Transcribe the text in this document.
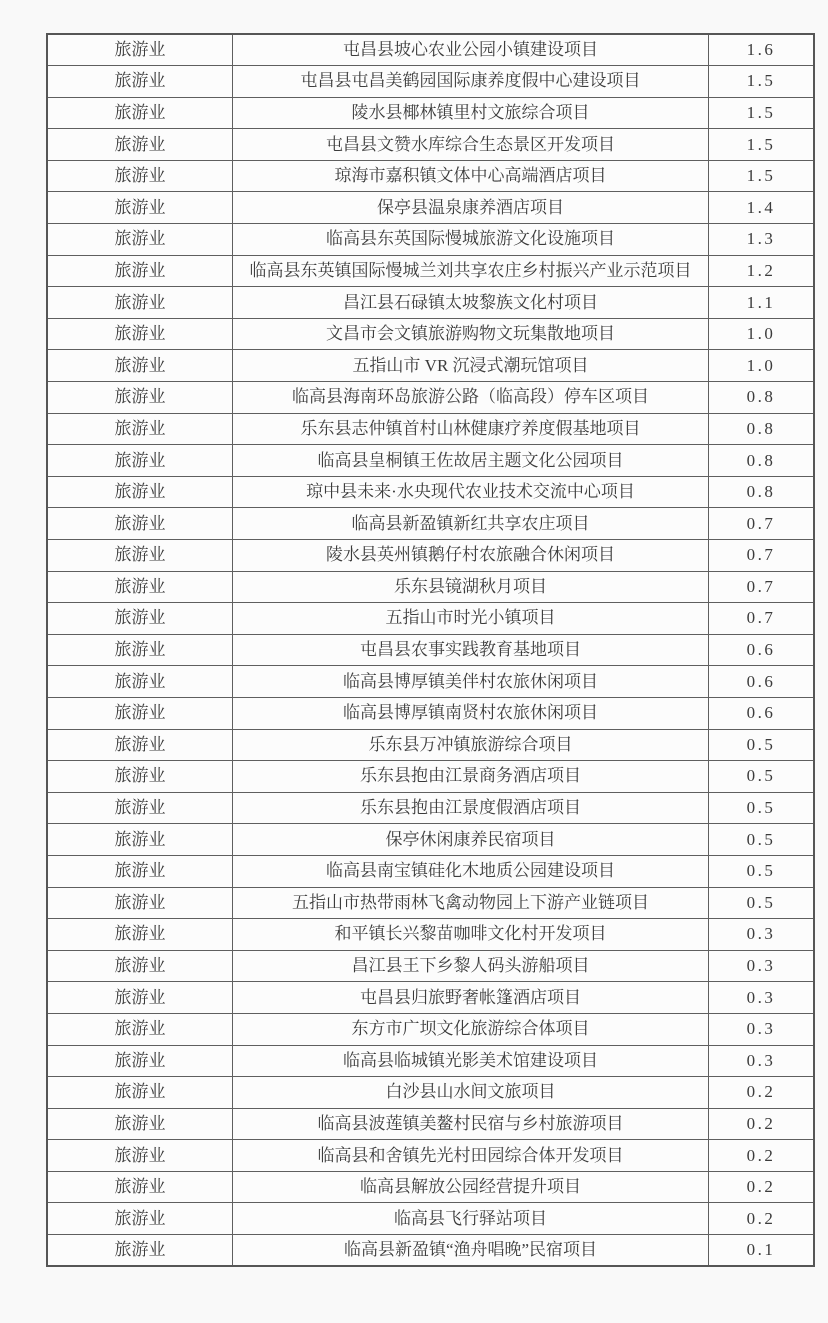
旅游业	屯昌县坡心农业公园小镇建设项目	1.6
旅游业	屯昌县屯昌美鹤园国际康养度假中心建设项目	1.5
旅游业	陵水县椰林镇里村文旅综合项目	1.5
旅游业	屯昌县文赞水库综合生态景区开发项目	1.5
旅游业	琼海市嘉积镇文体中心高端酒店项目	1.5
旅游业	保亭县温泉康养酒店项目	1.4
旅游业	临高县东英国际慢城旅游文化设施项目	1.3
旅游业	临高县东英镇国际慢城兰刘共享农庄乡村振兴产业示范项目	1.2
旅游业	昌江县石碌镇太坡黎族文化村项目	1.1
旅游业	文昌市会文镇旅游购物文玩集散地项目	1.0
旅游业	五指山市 VR 沉浸式潮玩馆项目	1.0
旅游业	临高县海南环岛旅游公路（临高段）停车区项目	0.8
旅游业	乐东县志仲镇首村山林健康疗养度假基地项目	0.8
旅游业	临高县皇桐镇王佐故居主题文化公园项目	0.8
旅游业	琼中县未来·水央现代农业技术交流中心项目	0.8
旅游业	临高县新盈镇新红共享农庄项目	0.7
旅游业	陵水县英州镇鹅仔村农旅融合休闲项目	0.7
旅游业	乐东县镜湖秋月项目	0.7
旅游业	五指山市时光小镇项目	0.7
旅游业	屯昌县农事实践教育基地项目	0.6
旅游业	临高县博厚镇美伴村农旅休闲项目	0.6
旅游业	临高县博厚镇南贤村农旅休闲项目	0.6
旅游业	乐东县万冲镇旅游综合项目	0.5
旅游业	乐东县抱由江景商务酒店项目	0.5
旅游业	乐东县抱由江景度假酒店项目	0.5
旅游业	保亭休闲康养民宿项目	0.5
旅游业	临高县南宝镇硅化木地质公园建设项目	0.5
旅游业	五指山市热带雨林飞禽动物园上下游产业链项目	0.5
旅游业	和平镇长兴黎苗咖啡文化村开发项目	0.3
旅游业	昌江县王下乡黎人码头游船项目	0.3
旅游业	屯昌县归旅野奢帐篷酒店项目	0.3
旅游业	东方市广坝文化旅游综合体项目	0.3
旅游业	临高县临城镇光影美术馆建设项目	0.3
旅游业	白沙县山水间文旅项目	0.2
旅游业	临高县波莲镇美鳌村民宿与乡村旅游项目	0.2
旅游业	临高县和舍镇先光村田园综合体开发项目	0.2
旅游业	临高县解放公园经营提升项目	0.2
旅游业	临高县飞行驿站项目	0.2
旅游业	临高县新盈镇“渔舟唱晚”民宿项目	0.1
